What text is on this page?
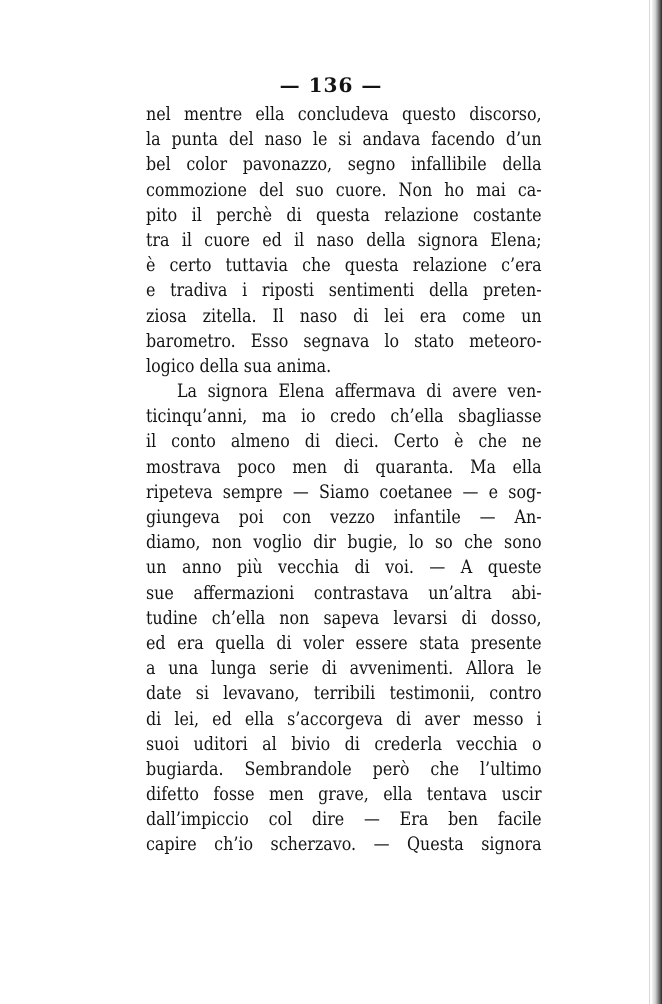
— 136 —
nel mentre ella concludeva questo discorso,
la punta del naso le si andava facendo d’un
bel color pavonazzo, segno infallibile della
commozione del suo cuore. Non ho mai ca-
pito il perchè di questa relazione costante
tra il cuore ed il naso della signora Elena;
è certo tuttavia che questa relazione c’era
e tradiva i riposti sentimenti della preten-
ziosa zitella. Il naso di lei era come un
barometro. Esso segnava lo stato meteoro-
logico della sua anima.
La signora Elena affermava di avere ven-
ticinqu’anni, ma io credo ch’ella sbagliasse
il conto almeno di dieci. Certo è che ne
mostrava poco men di quaranta. Ma ella
ripeteva sempre — Siamo coetanee — e sog-
giungeva poi con vezzo infantile — An-
diamo, non voglio dir bugie, lo so che sono
un anno più vecchia di voi. — A queste
sue affermazioni contrastava un’altra abi-
tudine ch’ella non sapeva levarsi di dosso,
ed era quella di voler essere stata presente
a una lunga serie di avvenimenti. Allora le
date si levavano, terribili testimonii, contro
di lei, ed ella s’accorgeva di aver messo i
suoi uditori al bivio di crederla vecchia o
bugiarda. Sembrandole però che l’ultimo
difetto fosse men grave, ella tentava uscir
dall’impiccio col dire — Era ben facile
capire ch’io scherzavo. — Questa signora
